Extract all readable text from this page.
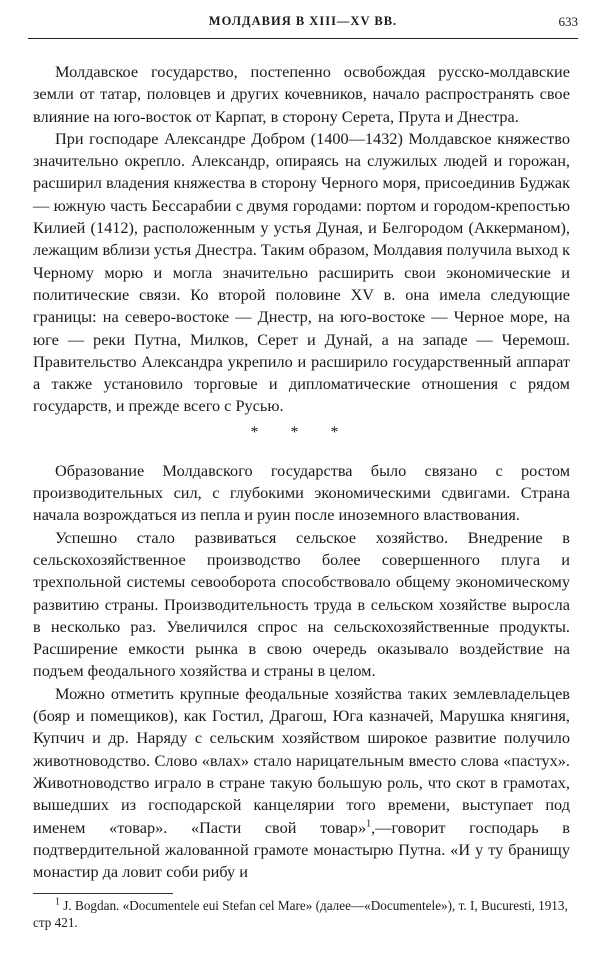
МОЛДАВИЯ В XIII—XV ВВ.	633

Молдавское государство, постепенно освобождая русско-молдавские земли от татар, половцев и других кочевников, начало распространять свое влияние на юго-восток от Карпат, в сторону Серета, Прута и Днестра.

При господаре Александре Добром (1400—1432) Молдавское княжество значительно окрепло. Александр, опираясь на служилых людей и горожан, расширил владения княжества в сторону Черного моря, присоединив Буджак — южную часть Бессарабии с двумя городами: портом и городом-крепостью Килией (1412), расположенным у устья Дуная, и Белгородом (Аккерманом), лежащим вблизи устья Днестра. Таким образом, Молдавия получила выход к Черному морю и могла значительно расширить свои экономические и политические связи. Ко второй половине XV в. она имела следующие границы: на северо-востоке — Днестр, на юго-востоке — Черное море, на юге — реки Путна, Милков, Серет и Дунай, а на западе — Черемош. Правительство Александра укрепило и расширило государственный аппарат а также установило торговые и дипломатические отношения с рядом государств, и прежде всего с Русью.

* * *

Образование Молдавского государства было связано с ростом производительных сил, с глубокими экономическими сдвигами. Страна начала возрождаться из пепла и руин после иноземного властвования.

Успешно стало развиваться сельское хозяйство. Внедрение в сельскохозяйственное производство более совершенного плуга и трехпольной системы севооборота способствовало общему экономическому развитию страны. Производительность труда в сельском хозяйстве выросла в несколько раз. Увеличился спрос на сельскохозяйственные продукты. Расширение емкости рынка в свою очередь оказывало воздействие на подъем феодального хозяйства и страны в целом.

Можно отметить крупные феодальные хозяйства таких землевладельцев (бояр и помещиков), как Гостил, Драгош, Юга казначей, Марушка княгиня, Купчич и др. Наряду с сельским хозяйством широкое развитие получило животноводство. Слово «влах» стало нарицательным вместо слова «пастух». Животноводство играло в стране такую большую роль, что скот в грамотах, вышедших из господарской канцелярии того времени, выступает под именем «товар». «Пасти свой товар»$^1$,—говорит господарь в подтвердительной жалованной грамоте монастырю Путна. «И у ту бранищу монастир да ловит соби рибу и

$^1$ J. Bogdan. «Documentele eui Stefan cel Mare» (далее—«Documentele»), т. I, Bucuresti, 1913, стр 421.
